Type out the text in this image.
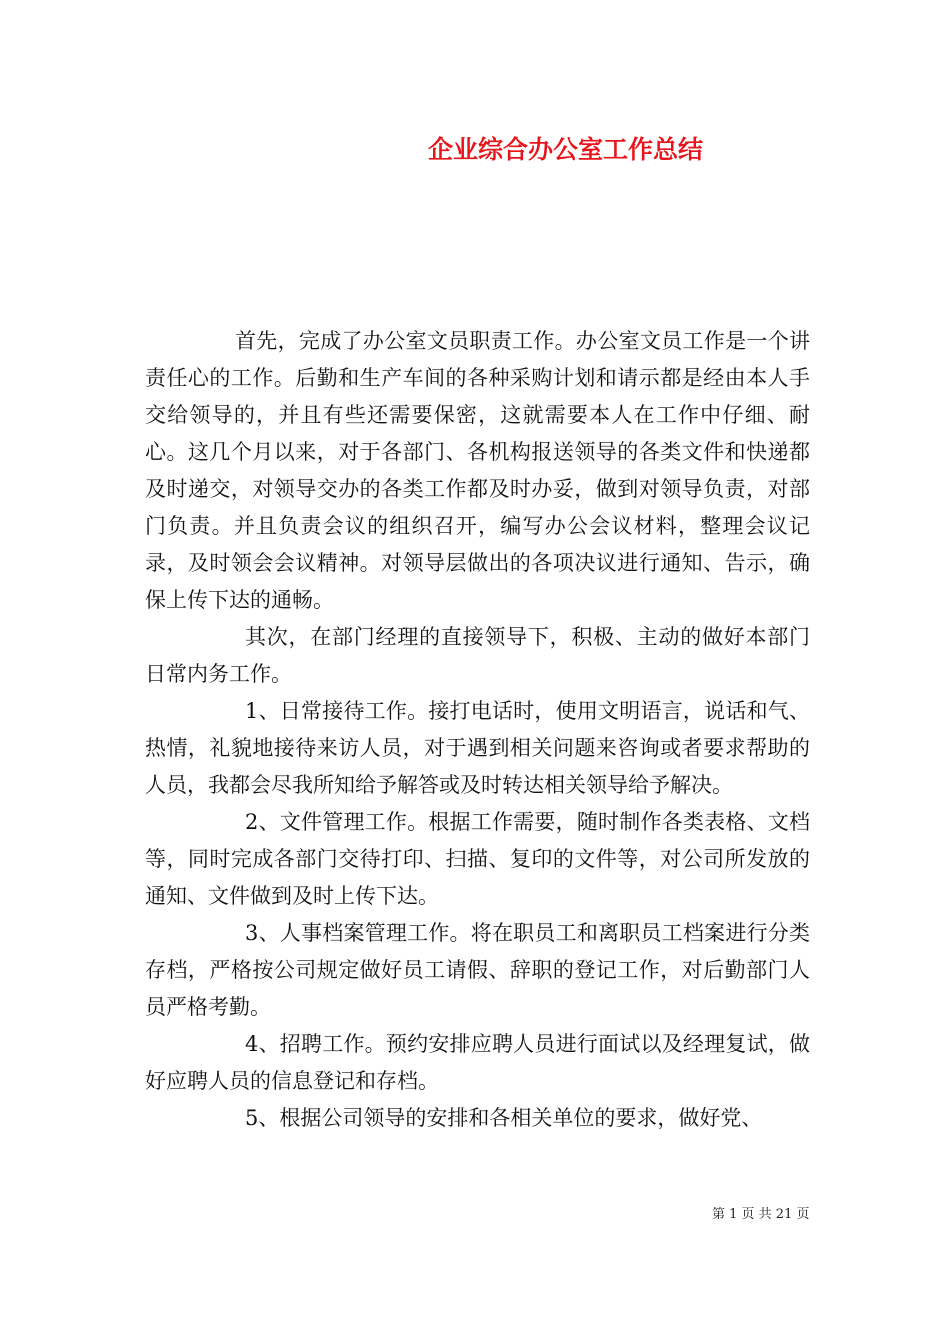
企业综合办公室工作总结

首先，完成了办公室文员职责工作。办公室文员工作是一个讲责任心的工作。后勤和生产车间的各种采购计划和请示都是经由本人手交给领导的，并且有些还需要保密，这就需要本人在工作中仔细、耐心。这几个月以来，对于各部门、各机构报送领导的各类文件和快递都及时递交，对领导交办的各类工作都及时办妥，做到对领导负责，对部门负责。并且负责会议的组织召开，编写办公会议材料，整理会议记录，及时领会会议精神。对领导层做出的各项决议进行通知、告示，确保上传下达的通畅。

其次，在部门经理的直接领导下，积极、主动的做好本部门日常内务工作。

1、日常接待工作。接打电话时，使用文明语言，说话和气、热情，礼貌地接待来访人员，对于遇到相关问题来咨询或者要求帮助的人员，我都会尽我所知给予解答或及时转达相关领导给予解决。

2、文件管理工作。根据工作需要，随时制作各类表格、文档等，同时完成各部门交待打印、扫描、复印的文件等，对公司所发放的通知、文件做到及时上传下达。

3、人事档案管理工作。将在职员工和离职员工档案进行分类存档，严格按公司规定做好员工请假、辞职的登记工作，对后勤部门人员严格考勤。

4、招聘工作。预约安排应聘人员进行面试以及经理复试，做好应聘人员的信息登记和存档。

5、根据公司领导的安排和各相关单位的要求，做好党、

第 1 页 共 21 页
